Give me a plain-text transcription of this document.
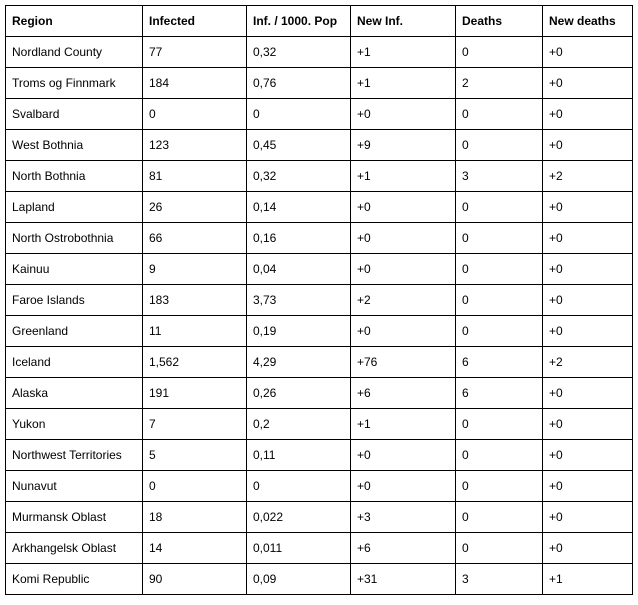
Region	Infected	Inf. / 1000. Pop	New Inf.	Deaths	New deaths
Nordland County	77	0,32	+1	0	+0
Troms og Finnmark	184	0,76	+1	2	+0
Svalbard	0	0	+0	0	+0
West Bothnia	123	0,45	+9	0	+0
North Bothnia	81	0,32	+1	3	+2
Lapland	26	0,14	+0	0	+0
North Ostrobothnia	66	0,16	+0	0	+0
Kainuu	9	0,04	+0	0	+0
Faroe Islands	183	3,73	+2	0	+0
Greenland	11	0,19	+0	0	+0
Iceland	1,562	4,29	+76	6	+2
Alaska	191	0,26	+6	6	+0
Yukon	7	0,2	+1	0	+0
Northwest Territories	5	0,11	+0	0	+0
Nunavut	0	0	+0	0	+0
Murmansk Oblast	18	0,022	+3	0	+0
Arkhangelsk Oblast	14	0,011	+6	0	+0
Komi Republic	90	0,09	+31	3	+1
